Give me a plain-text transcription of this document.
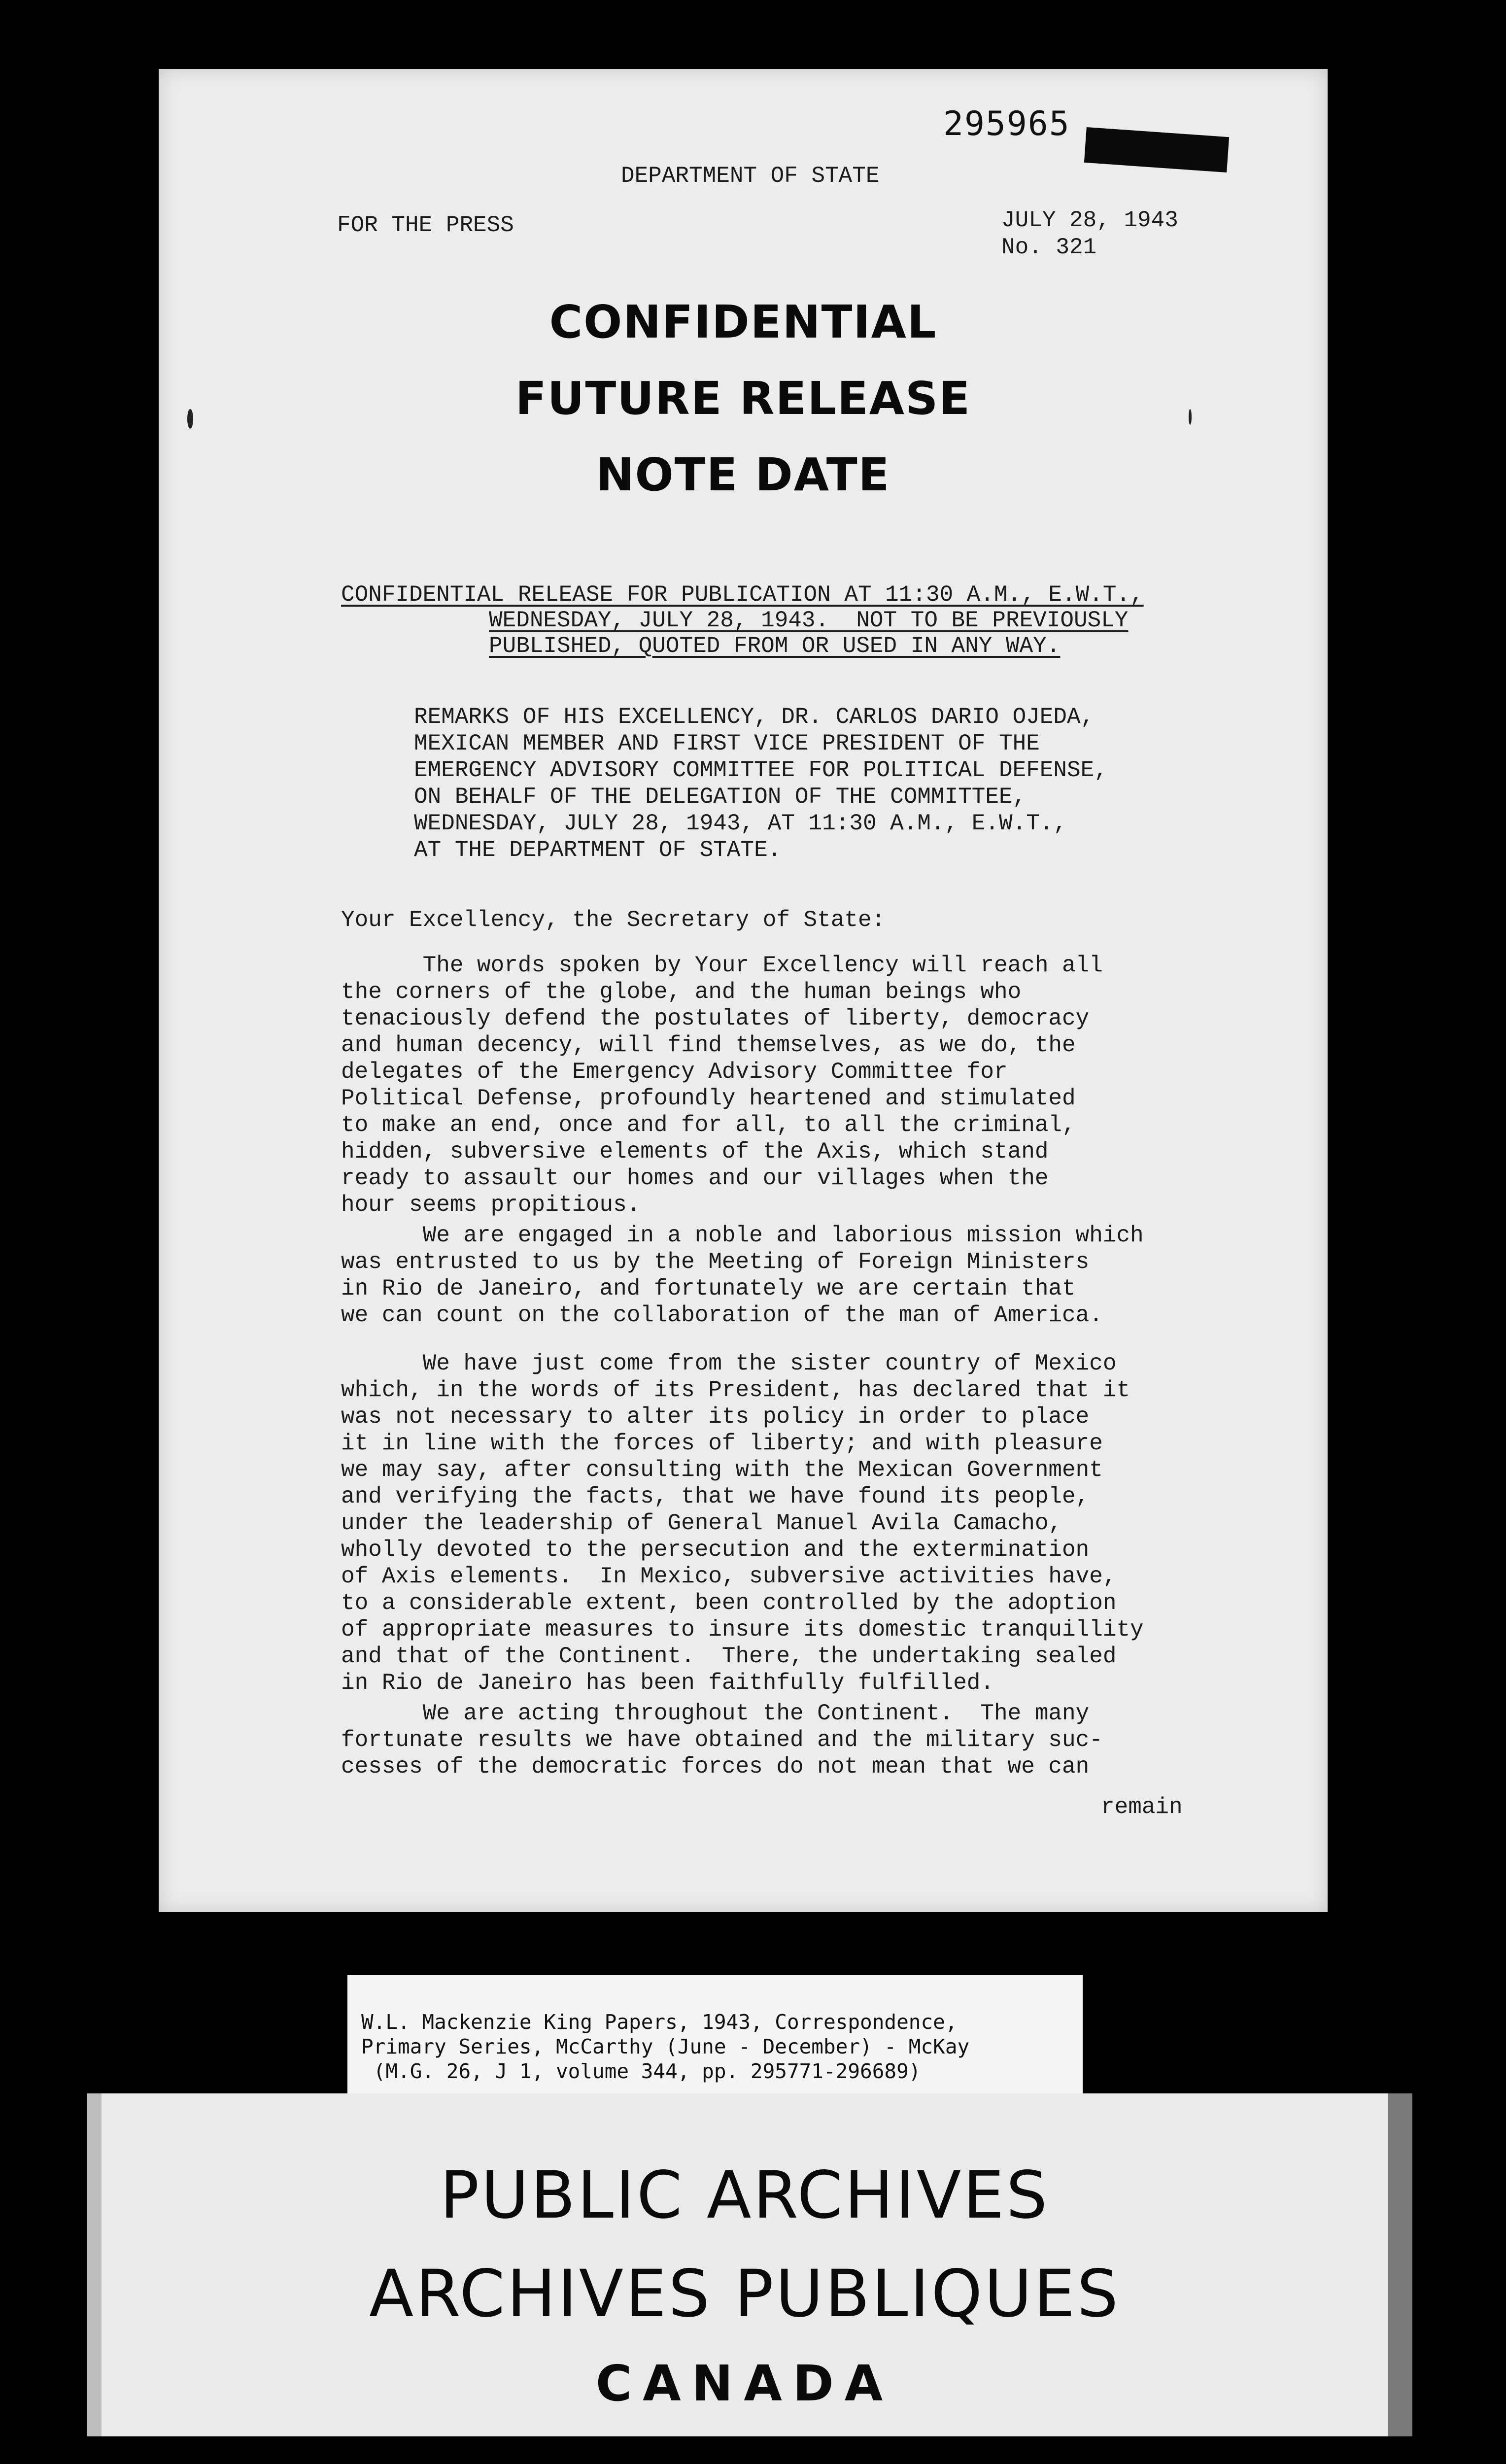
295965

DEPARTMENT OF STATE

FOR THE PRESS	JULY 28, 1943

No. 321

CONFIDENTIAL
FUTURE RELEASE
NOTE DATE

CONFIDENTIAL RELEASE FOR PUBLICATION AT 11:30 A.M., E.W.T.,

WEDNESDAY, JULY 28, 1943.  NOT TO BE PREVIOUSLY

PUBLISHED, QUOTED FROM OR USED IN ANY WAY.

REMARKS OF HIS EXCELLENCY, DR. CARLOS DARIO OJEDA,
MEXICAN MEMBER AND FIRST VICE PRESIDENT OF THE
EMERGENCY ADVISORY COMMITTEE FOR POLITICAL DEFENSE,
ON BEHALF OF THE DELEGATION OF THE COMMITTEE,
WEDNESDAY, JULY 28, 1943, AT 11:30 A.M., E.W.T.,
AT THE DEPARTMENT OF STATE.

Your Excellency, the Secretary of State:

The words spoken by Your Excellency will reach all
the corners of the globe, and the human beings who
tenaciously defend the postulates of liberty, democracy
and human decency, will find themselves, as we do, the
delegates of the Emergency Advisory Committee for
Political Defense, profoundly heartened and stimulated
to make an end, once and for all, to all the criminal,
hidden, subversive elements of the Axis, which stand
ready to assault our homes and our villages when the
hour seems propitious.

We are engaged in a noble and laborious mission which
was entrusted to us by the Meeting of Foreign Ministers
in Rio de Janeiro, and fortunately we are certain that
we can count on the collaboration of the man of America.

We have just come from the sister country of Mexico
which, in the words of its President, has declared that it
was not necessary to alter its policy in order to place
it in line with the forces of liberty; and with pleasure
we may say, after consulting with the Mexican Government
and verifying the facts, that we have found its people,
under the leadership of General Manuel Avila Camacho,
wholly devoted to the persecution and the extermination
of Axis elements.  In Mexico, subversive activities have,
to a considerable extent, been controlled by the adoption
of appropriate measures to insure its domestic tranquillity
and that of the Continent.  There, the undertaking sealed
in Rio de Janeiro has been faithfully fulfilled.

We are acting throughout the Continent.  The many
fortunate results we have obtained and the military suc-
cesses of the democratic forces do not mean that we can

remain

W.L. Mackenzie King Papers, 1943, Correspondence,
Primary Series, McCarthy (June - December) - McKay
(M.G. 26, J 1, volume 344, pp. 295771-296689)

PUBLIC ARCHIVES
ARCHIVES PUBLIQUES
CANADA
